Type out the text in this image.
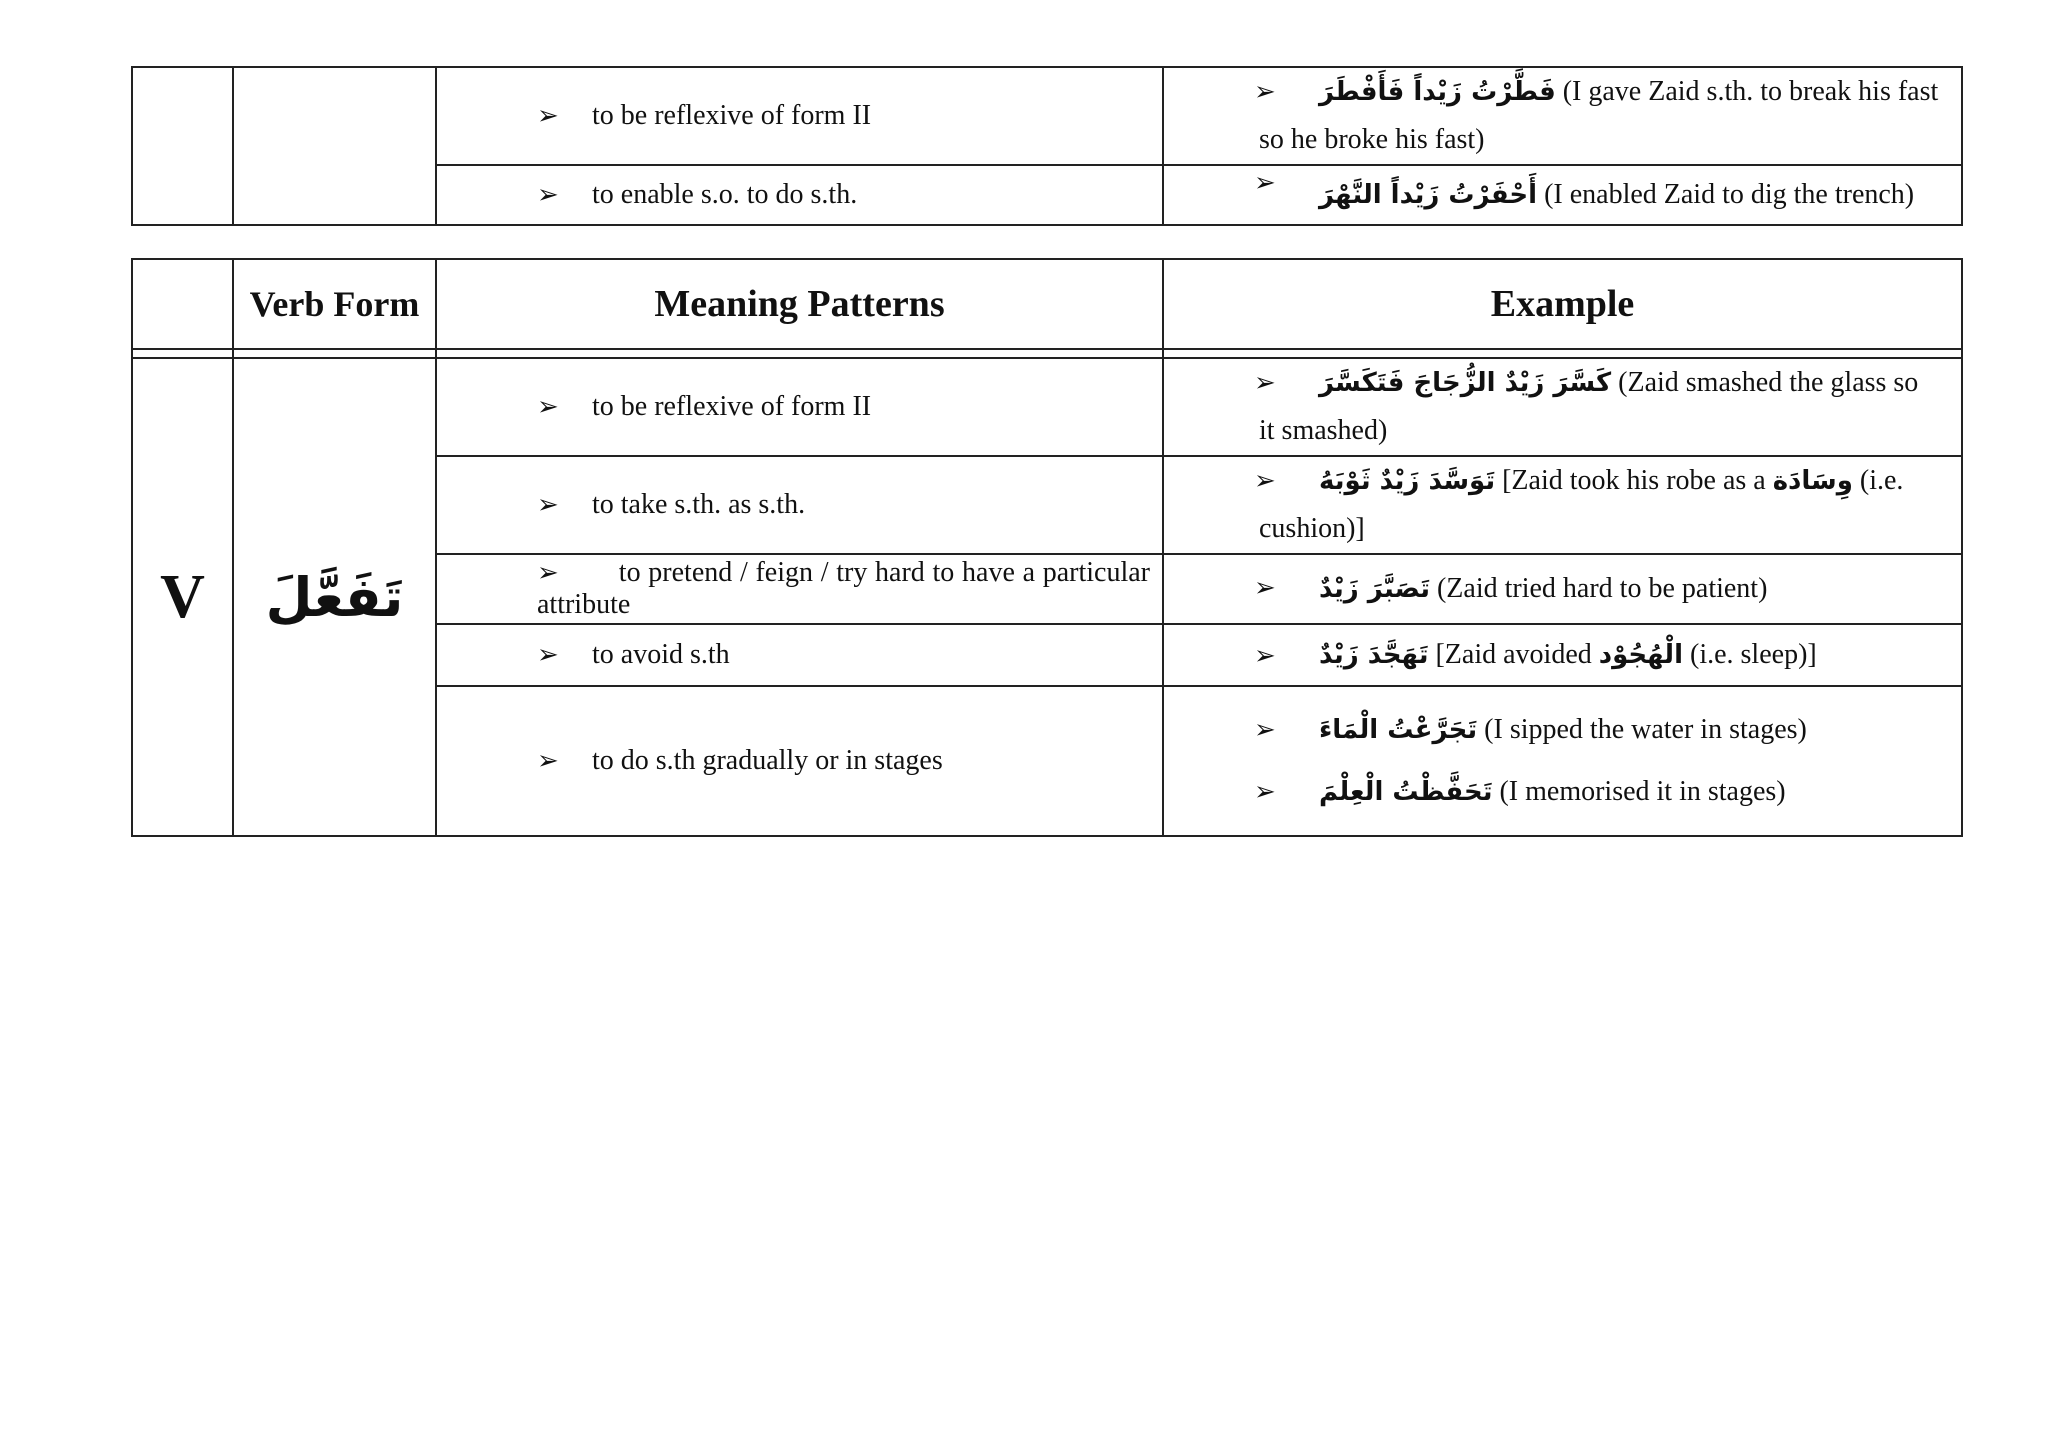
		➢ to be reflexive of form II	➢ فَطَّرْتُ زَيْداً فَأَفْطَرَ (I gave Zaid s.th. to break his fast
so he broke his fast)

		➢ to enable s.o. to do s.th.	➢ أَحْفَرْتُ زَيْداً النَّهْرَ (I enabled Zaid to dig the trench)
	Verb Form	Meaning Patterns	Example

V	تَفَعَّلَ	➢ to be reflexive of form II	➢ كَسَّرَ زَيْدٌ الزُّجَاجَ فَتَكَسَّرَ (Zaid smashed the glass so
it smashed)

		➢ to take s.th. as s.th.	➢ تَوَسَّدَ زَيْدٌ ثَوْبَهُ [Zaid took his robe as a وِسَادَة (i.e.
cushion)]

		➢ to pretend / feign / try hard to have a particular attribute	➢ تَصَبَّرَ زَيْدٌ (Zaid tried hard to be patient)

		➢ to avoid s.th	➢ تَهَجَّدَ زَيْدٌ [Zaid avoided الْهُجُوْد (i.e. sleep)]

		➢ to do s.th gradually or in stages	➢ تَجَرَّعْتُ الْمَاءَ (I sipped the water in stages)
➢ تَحَفَّظْتُ الْعِلْمَ (I memorised it in stages)
